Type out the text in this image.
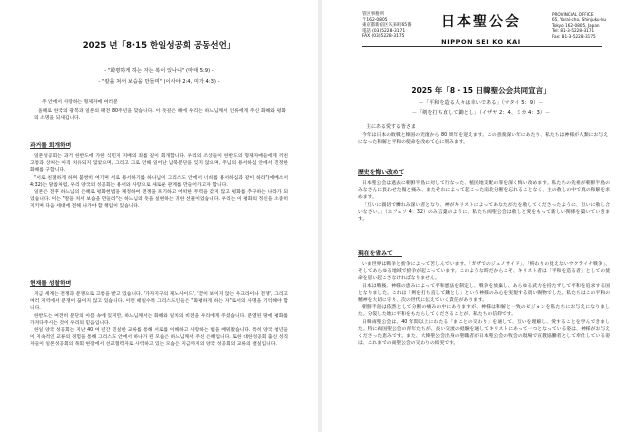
2025 년「8·15 한일성공회 공동선언」
- "화평하게 하는 자는 복이 있나니" (마태 5:9) -
- "칼을 쳐서 보습을 만들며" (이사야 2:4, 미가 4:3) -
주 안에서 사랑하는 형제자매 여러분

올해로 한국의 광복과 일본의 패전 80주년을 맞습니다. 이 뜻깊은 해에 우리는 하느님께서 인류에게 주신 화해와 평화의 소명을 되새깁니다.

과거를 회개하며

일본성공회는 과거 한반도에 가한 식민지 지배의 죄를 깊이 회개합니다. 우리의 조상들이 한반도의 형제자매들에게 끼친 고통과 상처는 아직 치유되지 않았으며, 그리고 그로 인해 일어난 남북분단을 잊지 않으며, 주님의 용서하심 안에서 진정한 화해를 구합니다.

"서로 친절하게 하며 불쌍히 여기며 서로 용서하기를 하나님이 그리스도 안에서 너희를 용서하심과 같이 하라"(에베소서 4:32)는 말씀처럼, 우리 양국의 성공회는 용서와 사랑으로 새로운 관계를 만들어가고자 합니다.

일본은 전후 하느님의 은혜로 평화헌법을 제정하여 전쟁을 포기하고 어떠한 무력을 갖지 않고 평화를 추구하는 나라가 되었습니다. 이는 "칼을 쳐서 보습을 만들라"는 하느님의 뜻을 실현하는 귀한 선물이었습니다. 우리는 이 평화의 정신을 소중히 지키며 다음 세대에 전해 나가야 할 책임이 있습니다.

현재를 성찰하며

지금 세계는 전쟁과 분쟁으로 고통을 받고 있습니다. '가자지구의 제노사이드', '끝이 보이지 않는 우크라이나 전쟁', 그리고 여러 지역에서 분쟁이 끊이지 않고 있습니다. 이런 때일수록 그리스도인들은 "화평하게 하는 자"로서의 사명을 기억해야 합니다.

한반도는 여전히 분단의 아픔 속에 있지만, 하느님께서는 화해와 일치의 비전을 우리에게 주셨습니다. 분열된 땅에 평화를 가져다주시는 것이 우리의 믿음입니다.

한일 양국 성공회는 지난 40 여 년간 진실한 교류를 통해 서로를 이해하고 사랑하는 법을 배워왔습니다. 특히 양국 청년들이 지속적인 교류의 경험을 통해 그리스도 안에서 하나가 된 모습은 하느님께서 주신 은혜입니다. 또한 대한성공회 출신 성직자들이 일본성공회의 목회 현장에서 선교협력자로 사역하고 있는 모습은 지금까지의 양국 성공회의 교류의 결실입니다.

管区事務所
〒162-0805
東京都新宿区矢来町65番
電話 (03)5228-3171
FAX (03)5228-3175
日本聖公会
NIPPON SEI KO KAI
PROVINCIAL OFFICE
65, Yarai-cho, Shinjuku-ku
Tokyo 162-0805, Japan
Tel: 81-3-5228-3171
Fax: 81-3-5228-3175
2025 年「8・15 日韓聖公会共同宣言」
－「平和を造る人々は幸いである」（マタイ 5：9）－
－「剣を打ち直して鋤とし」（イザヤ 2：4、ミカ 4：3）－
主にある愛する皆さま

今年は日本の敗戦と韓国の光復から 80 周年を迎えます。この意義深い年にあたり、私たちは神様が人類にお与えになった和解と平和の使命を改めて心に刻みます。

歴史を悔い改めて

日本聖公会は過去に朝鮮半島に対して行なった、植民地支配の罪を深く悔い改めます。私たちの先祖が朝鮮半島のみなさんに負わせた傷と痛み、またそれによって起こった南北分断を忘れることなく、主の赦しの中で真の和解を求めます。

「互いに親切で憐れみ深い者となり、神がキリストによってあなたがたを赦してくださったように、互いに赦し合いなさい。」（エフェソ 4：32）のみ言葉のように、私たち両聖公会は赦しと愛をもって新しい関係を築いていきます。

現在を省みて

いま世界は戦争と紛争によって苦しんでいます。「ガザでのジェノサイド」、「終わりの見えないウクライナ戦争」、そしてあらゆる地域で紛争が起こっています。このような時だからこそ、キリスト者は「平和を造る者」としての使命を思い起こさなければなりません。

日本は戦後、神様の恵みによって平和憲法を制定し、戦争を放棄し、あらゆる武力を持たずして平和を追求する国となりました。これは「剣を打ち直して鋤とし」という神様のみ心を実現する貴い賜物でした。私たちはこの平和の精神を大切に守り、次の世代に伝えていく責任があります。

朝鮮半島は依然として分断の痛みの中にありますが、神様は和解と一致のビジョンを私たちにお与えになりました。分裂した地に平和をもたらしてくださることが、私たちの信仰です。

日韓両聖公会は、40 年間以上にわたる「まことの交わり」を通して、互いを理解し、愛することを学んできました。特に両国聖公会の青年たちが、長い交流の経験を通してキリストにあって一つとなっている姿は、神様がお与えくださった恵みです。また、大韓聖公会出身の聖職者が日本聖公会の牧会の現場で宣教協働者として奉仕している姿は、これまでの両聖公会の交わりの結実です。
